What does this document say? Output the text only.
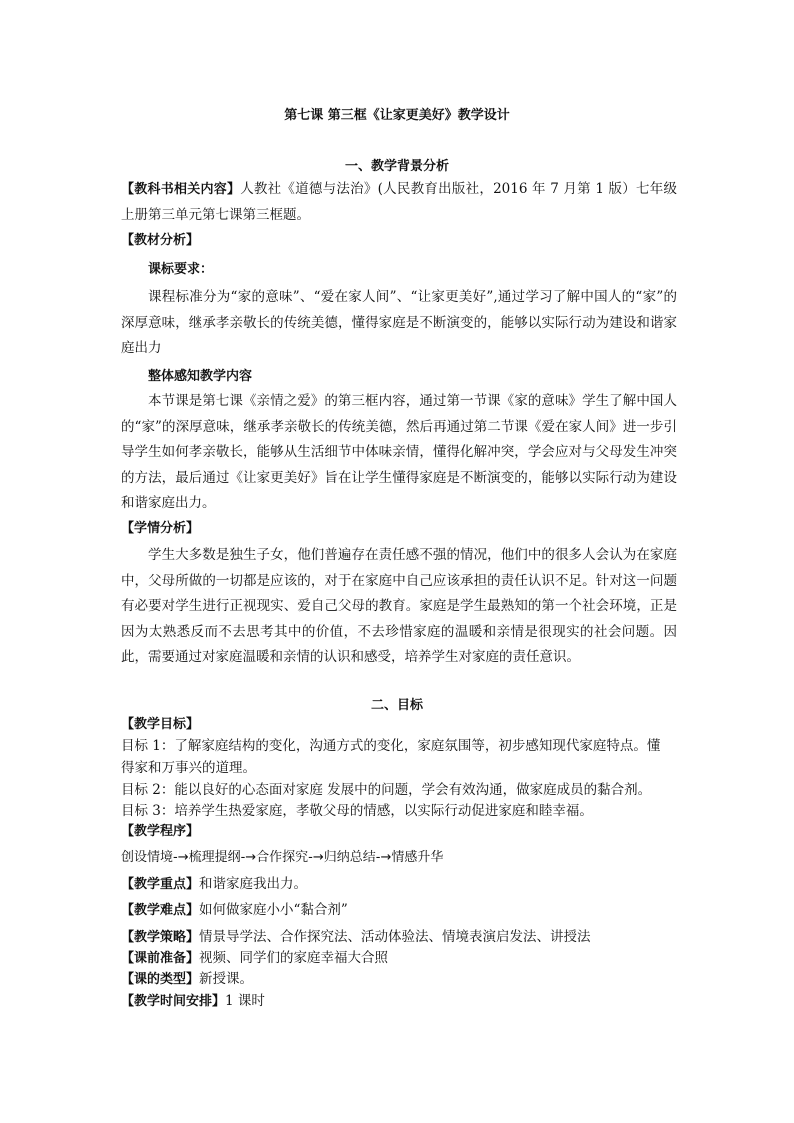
第七课 第三框《让家更美好》教学设计
一、教学背景分析
【教科书相关内容】人教社《道德与法治》(人民教育出版社，2016 年 7 月第 1 版）七年级上册第三单元第七课第三框题。
【教材分析】
课标要求：
课程标准分为“家的意味”、“爱在家人间”、“让家更美好”,通过学习了解中国人的“家”的深厚意味，继承孝亲敬长的传统美德，懂得家庭是不断演变的，能够以实际行动为建设和谐家庭出力
整体感知教学内容
本节课是第七课《亲情之爱》的第三框内容，通过第一节课《家的意味》学生了解中国人的“家”的深厚意味，继承孝亲敬长的传统美德，然后再通过第二节课《爱在家人间》进一步引导学生如何孝亲敬长，能够从生活细节中体味亲情，懂得化解冲突，学会应对与父母发生冲突的方法，最后通过《让家更美好》旨在让学生懂得家庭是不断演变的，能够以实际行动为建设和谐家庭出力。
【学情分析】
学生大多数是独生子女，他们普遍存在责任感不强的情况，他们中的很多人会认为在家庭中，父母所做的一切都是应该的，对于在家庭中自己应该承担的责任认识不足。针对这一问题有必要对学生进行正视现实、爱自己父母的教育。家庭是学生最熟知的第一个社会环境，正是因为太熟悉反而不去思考其中的价值，不去珍惜家庭的温暖和亲情是很现实的社会问题。因此，需要通过对家庭温暖和亲情的认识和感受，培养学生对家庭的责任意识。
二、目标
【教学目标】
目标 1：了解家庭结构的变化，沟通方式的变化，家庭氛围等，初步感知现代家庭特点。懂
得家和万事兴的道理。
目标 2：能以良好的心态面对家庭 发展中的问题，学会有效沟通，做家庭成员的黏合剂。
目标 3：培养学生热爱家庭，孝敬父母的情感，以实际行动促进家庭和睦幸福。
【教学程序】
创设情境-→梳理提纲-→合作探究-→归纳总结-→情感升华
【教学重点】和谐家庭我出力。
【教学难点】如何做家庭小小“黏合剂”
【教学策略】情景导学法、合作探究法、活动体验法、情境表演启发法、讲授法
【课前准备】视频、同学们的家庭幸福大合照
【课的类型】新授课。
【教学时间安排】1 课时
